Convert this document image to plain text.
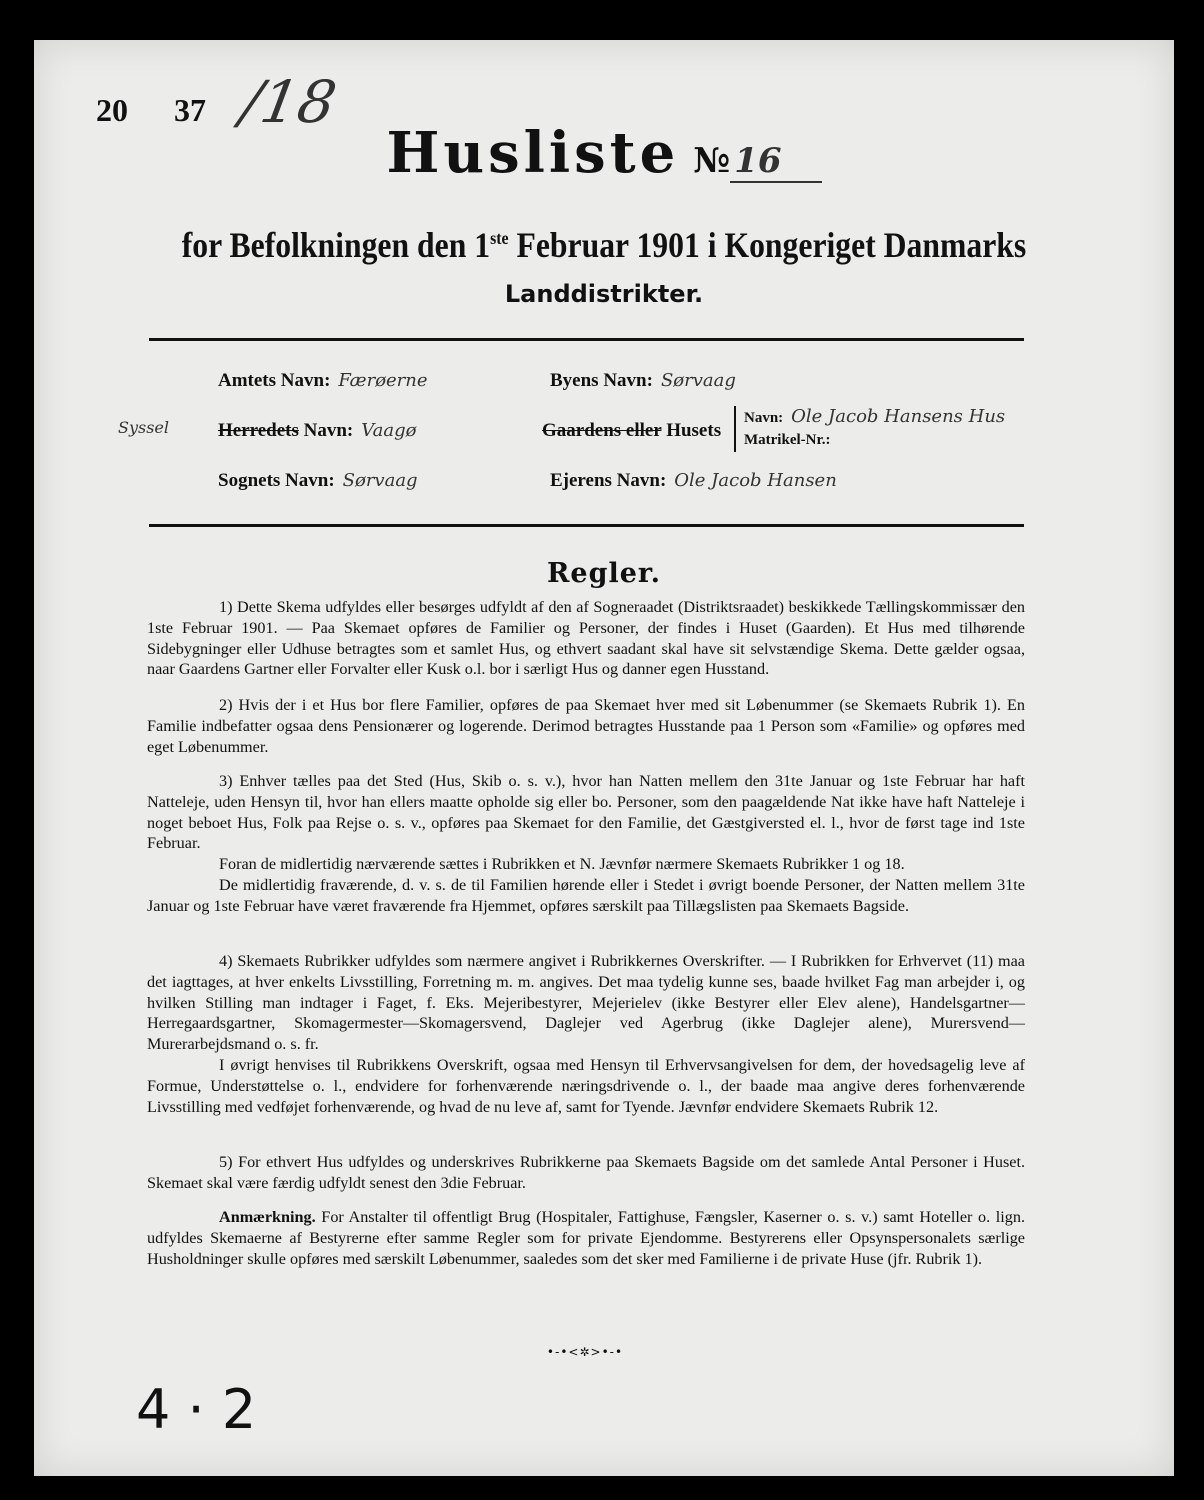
20 37 /18
Husliste № 16
for Befolkningen den 1ste Februar 1901 i Kongeriget Danmarks
Landdistrikter.
Amtets Navn: Færøerne	Byens Navn: Sørvaag
Syssel	Herredets Navn: Vaagø	Gaardens eller Husets
Navn: Ole Jacob Hansens Hus
Matrikel-Nr.:
Sognets Navn: Sørvaag	Ejerens Navn: Ole Jacob Hansen
Regler.

1) Dette Skema udfyldes eller besørges udfyldt af den af Sogneraadet (Distriktsraadet) beskikkede Tællingskommissær den 1ste Februar 1901. — Paa Skemaet opføres de Familier og Personer, der findes i Huset (Gaarden). Et Hus med tilhørende Sidebygninger eller Udhuse betragtes som et samlet Hus, og ethvert saadant skal have sit selvstændige Skema. Dette gælder ogsaa, naar Gaardens Gartner eller Forvalter eller Kusk o.l. bor i særligt Hus og danner egen Husstand.

2) Hvis der i et Hus bor flere Familier, opføres de paa Skemaet hver med sit Løbenummer (se Skemaets Rubrik 1). En Familie indbefatter ogsaa dens Pensionærer og logerende. Derimod betragtes Husstande paa 1 Person som «Familie» og opføres med eget Løbenummer.

3) Enhver tælles paa det Sted (Hus, Skib o. s. v.), hvor han Natten mellem den 31te Januar og 1ste Februar har haft Natteleje, uden Hensyn til, hvor han ellers maatte opholde sig eller bo. Personer, som den paagældende Nat ikke have haft Natteleje i noget beboet Hus, Folk paa Rejse o. s. v., opføres paa Skemaet for den Familie, det Gæstgiversted el. l., hvor de først tage ind 1ste Februar.

Foran de midlertidig nærværende sættes i Rubrikken et N. Jævnfør nærmere Skemaets Rubrikker 1 og 18.

De midlertidig fraværende, d. v. s. de til Familien hørende eller i Stedet i øvrigt boende Personer, der Natten mellem 31te Januar og 1ste Februar have været fraværende fra Hjemmet, opføres særskilt paa Tillægslisten paa Skemaets Bagside.

4) Skemaets Rubrikker udfyldes som nærmere angivet i Rubrikkernes Overskrifter. — I Rubrikken for Erhvervet (11) maa det iagttages, at hver enkelts Livsstilling, Forretning m. m. angives. Det maa tydelig kunne ses, baade hvilket Fag man arbejder i, og hvilken Stilling man indtager i Faget, f. Eks. Mejeribestyrer, Mejerielev (ikke Bestyrer eller Elev alene), Handelsgartner—Herregaardsgartner, Skomagermester—Skomagersvend, Daglejer ved Agerbrug (ikke Daglejer alene), Murersvend—Murerarbejdsmand o. s. fr.

I øvrigt henvises til Rubrikkens Overskrift, ogsaa med Hensyn til Erhvervsangivelsen for dem, der hovedsagelig leve af Formue, Understøttelse o. l., endvidere for forhenværende næringsdrivende o. l., der baade maa angive deres forhenværende Livsstilling med vedføjet forhenværende, og hvad de nu leve af, samt for Tyende. Jævnfør endvidere Skemaets Rubrik 12.

5) For ethvert Hus udfyldes og underskrives Rubrikkerne paa Skemaets Bagside om det samlede Antal Personer i Huset. Skemaet skal være færdig udfyldt senest den 3die Februar.

Anmærkning. For Anstalter til offentligt Brug (Hospitaler, Fattighuse, Fængsler, Kaserner o. s. v.) samt Hoteller o. lign. udfyldes Skemaerne af Bestyrerne efter samme Regler som for private Ejendomme. Bestyrerens eller Opsynspersonalets særlige Husholdninger skulle opføres med særskilt Løbenummer, saaledes som det sker med Familierne i de private Huse (jfr. Rubrik 1).

•-•<✲>•-•
4 · 2
